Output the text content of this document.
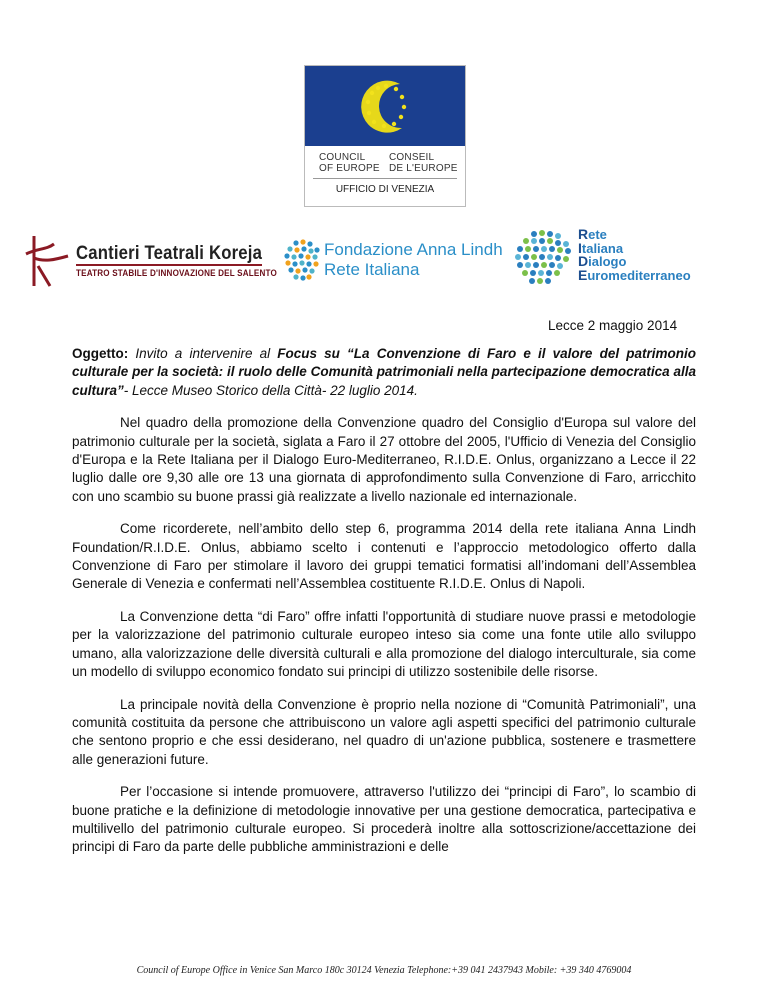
COUNCIL
OF EUROPE
CONSEIL
DE L'EUROPE
UFFICIO DI VENEZIA
Cantieri Teatrali Koreja
TEATRO STABILE D'INNOVAZIONE DEL SALENTO
Fondazione Anna Lindh
Rete Italiana
Rete
Italiana
Dialogo
Euromediterraneo
Lecce 2 maggio 2014

Oggetto: Invito a intervenire al Focus su “La Convenzione di Faro e il valore del patrimonio culturale per la società: il ruolo delle Comunità patrimoniali nella partecipazione democratica alla cultura”- Lecce Museo Storico della Città- 22 luglio 2014.

Nel quadro della promozione della Convenzione quadro del Consiglio d'Europa sul valore del patrimonio culturale per la società, siglata a Faro il 27 ottobre del 2005, l'Ufficio di Venezia del Consiglio d'Europa e la Rete Italiana per il Dialogo Euro-Mediterraneo, R.I.D.E. Onlus, organizzano a Lecce il 22 luglio dalle ore 9,30 alle ore 13 una giornata di approfondimento sulla Convenzione di Faro, arricchito con uno scambio su buone prassi già realizzate a livello nazionale ed internazionale.

Come ricorderete, nell’ambito dello step 6, programma 2014 della rete italiana Anna Lindh Foundation/R.I.D.E. Onlus, abbiamo scelto i contenuti e l’approccio metodologico offerto dalla Convenzione di Faro per stimolare il lavoro dei gruppi tematici formatisi all’indomani dell’Assemblea Generale di Venezia e confermati nell’Assemblea costituente R.I.D.E. Onlus di Napoli.

La Convenzione detta “di Faro” offre infatti l'opportunità di studiare nuove prassi e metodologie per la valorizzazione del patrimonio culturale europeo inteso sia come una fonte utile allo sviluppo umano, alla valorizzazione delle diversità culturali e alla promozione del dialogo interculturale, sia come un modello di sviluppo economico fondato sui principi di utilizzo sostenibile delle risorse.

La principale novità della Convenzione è proprio nella nozione di “Comunità Patrimoniali”, una comunità costituita da persone che attribuiscono un valore agli aspetti specifici del patrimonio culturale che sentono proprio e che essi desiderano, nel quadro di un'azione pubblica, sostenere e trasmettere alle generazioni future.

Per l’occasione si intende promuovere, attraverso l'utilizzo dei “principi di Faro”, lo scambio di buone pratiche e la definizione di metodologie innovative per una gestione democratica, partecipativa e multilivello del patrimonio culturale europeo. Si procederà inoltre alla sottoscrizione/accettazione dei principi di Faro da parte delle pubbliche amministrazioni e delle

Council of Europe Office in Venice San Marco 180c 30124 Venezia Telephone:+39 041 2437943 Mobile: +39 340 4769004
